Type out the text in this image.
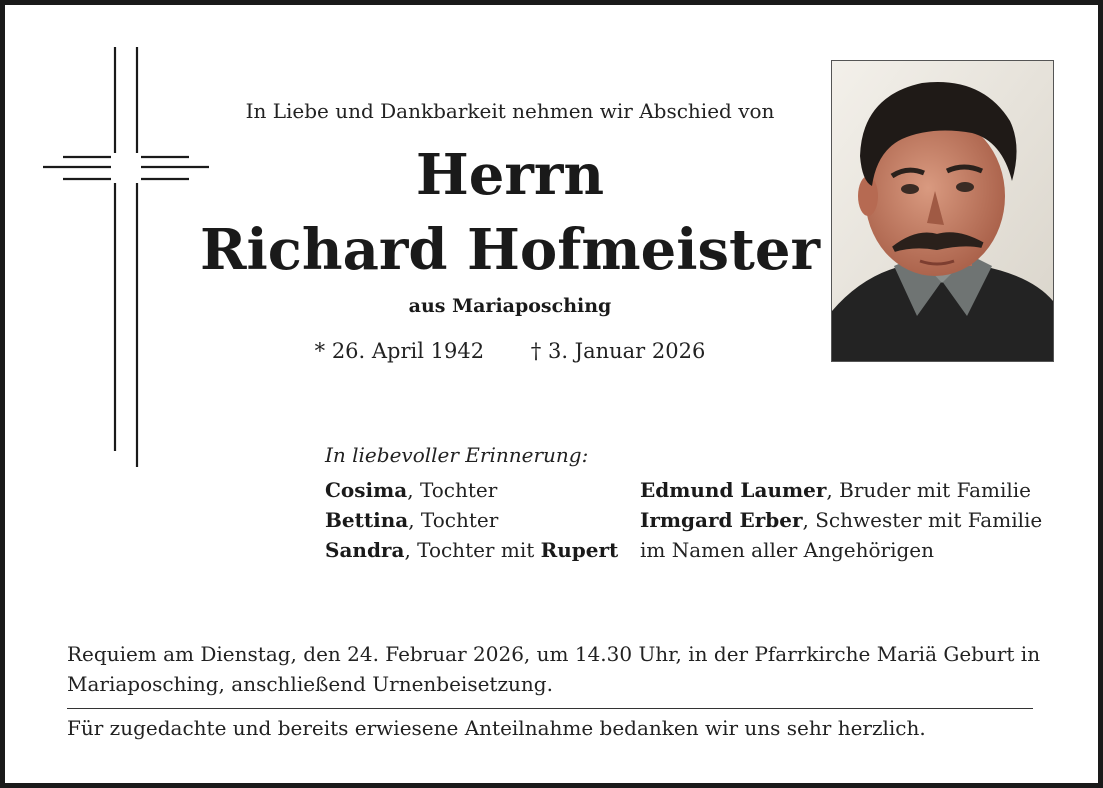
In Liebe und Dankbarkeit nehmen wir Abschied von
Herrn
Richard Hofmeister
aus Mariaposching
* 26. April 1942 † 3. Januar 2026
In liebevoller Erinnerung:
Cosima, Tochter	Edmund Laumer, Bruder mit Familie
Bettina, Tochter	Irmgard Erber, Schwester mit Familie
Sandra, Tochter mit Rupert	im Namen aller Angehörigen
Requiem am Dienstag, den 24. Februar 2026, um 14.30 Uhr, in der Pfarrkirche Mariä Geburt in Mariaposching, anschließend Urnenbeisetzung.
Für zugedachte und bereits erwiesene Anteilnahme bedanken wir uns sehr herzlich.
